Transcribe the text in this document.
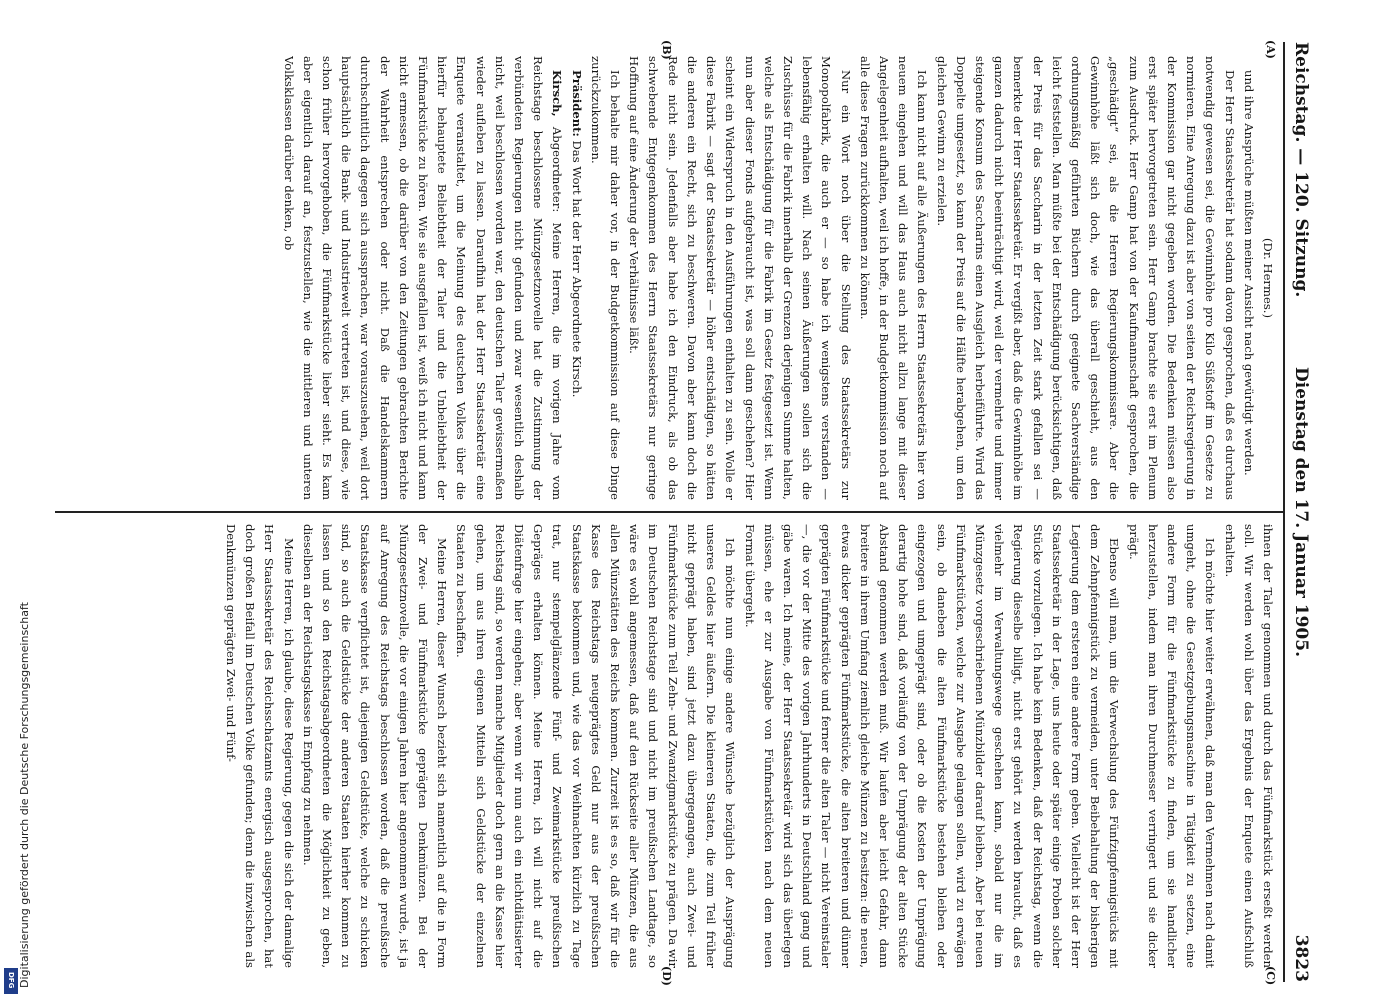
Reichstag. — 120. Sitzung.
Dienstag den 17. Januar 1905.
3823
(A)
(B)
(C)
(D)

(Dr. Hermes.)

und ihre Ansprüche müßten meiner Ansicht nach gewürdigt werden.

Der Herr Staatssekretär hat sodann davon gesprochen, daß es durchaus notwendig gewesen sei, die Gewinnhöhe pro Kilo Süßstoff im Gesetze zu normieren. Eine Anregung dazu ist aber von seiten der Reichsregierung in der Kommission gar nicht gegeben worden. Die Bedenken müssen also erst später hervorgetreten sein. Herr Gamp brachte sie erst im Plenum zum Ausdruck. Herr Gamp hat von der Kaufmannschaft gesprochen, die „geschädigt“ sei, als die Herren Regierungskommissare. Aber die Gewinnhöhe läßt sich doch, wie das überall geschieht, aus den ordnungsmäßig geführten Büchern durch geeignete Sachverständige leicht feststellen. Man müßte bei der Entschädigung berücksichtigen, daß der Preis für das Saccharin in der letzten Zeit stark gefallen sei — bemerkte der Herr Staatssekretär. Er vergißt aber, daß die Gewinnhöhe im ganzen dadurch nicht beeinträchtigt wird, weil der vermehrte und immer steigende Konsum des Saccharins einen Ausgleich herbeiführte. Wird das Doppelte umgesetzt, so kann der Preis auf die Hälfte herabgehen, um den gleichen Gewinn zu erzielen.

Ich kann nicht auf alle Äußerungen des Herrn Staatssekretärs hier von neuem eingehen und will das Haus auch nicht allzu lange mit dieser Angelegenheit aufhalten, weil ich hoffe, in der Budgetkommission noch auf alle diese Fragen zurückkommen zu können.

Nur ein Wort noch über die Stellung des Staatssekretärs zur Monopolfabrik, die auch er — so habe ich wenigstens verstanden — lebensfähig erhalten will. Nach seinen Äußerungen sollen sich die Zuschüsse für die Fabrik innerhalb der Grenzen derjenigen Summe halten, welche als Entschädigung für die Fabrik im Gesetz festgesetzt ist. Wenn nun aber dieser Fonds aufgebraucht ist, was soll dann geschehen? Hier scheint ein Widerspruch in den Ausführungen enthalten zu sein. Wolle er diese Fabrik — sagt der Staatssekretär — höher entschädigen, so hätten die anderen ein Recht, sich zu beschweren. Davon aber kann doch die Rede nicht sein. Jedenfalls aber habe ich den Eindruck, als ob das schwebende Entgegenkommen des Herrn Staatssekretärs nur geringe Hoffnung auf eine Änderung der Verhältnisse läßt.

Ich behalte mir daher vor, in der Budgetkommission auf diese Dinge zurückzukommen.

Präsident: Das Wort hat der Herr Abgeordnete Kirsch.

Kirsch, Abgeordneter: Meine Herren, die im vorigen Jahre vom Reichstage beschlossene Münzgesetznovelle hat die Zustimmung der verbündeten Regierungen nicht gefunden und zwar wesentlich deshalb nicht, weil beschlossen worden war, den deutschen Taler gewissermaßen wieder aufleben zu lassen. Daraufhin hat der Herr Staatssekretär eine Enquete veranstaltet, um die Meinung des deutschen Volkes über die hierfür behauptete Beliebtheit der Taler und die Unbeliebtheit der Fünfmarkstücke zu hören. Wie sie ausgefallen ist, weiß ich nicht und kann nicht ermessen, ob die darüber von den Zeitungen gebrachten Berichte der Wahrheit entsprechen oder nicht. Daß die Handelskammern durchschnittlich dagegen sich aussprachen, war vorauszusehen, weil dort hauptsächlich die Bank- und Industriewelt vertreten ist, und diese, wie schon früher hervorgehoben, die Fünfmarkstücke lieber sieht. Es kam aber eigentlich darauf an, festzustellen, wie die mittleren und unteren Volksklassen darüber denken, ob

ihnen der Taler genommen und durch das Fünfmarkstück erseßt werden soll. Wir werden wohl über das Ergebnis der Enquete einen Aufschluß erhalten.

Ich möchte hier weiter erwähnen, daß man den Vermehmen nach damit umgeht, ohne die Gesetzgebungsmaschine in Tätigkeit zu setzen, eine andere Form für die Fünfmarkstücke zu finden, um sie handlicher herzustellen, indem man ihren Durchmesser verringert und sie dicker prägt.

Ebenso will man, um die Verwechslung des Fünfzigpfennigstücks mit dem Zehnpfennigstück zu vermeiden, unter Beibehaltung der bisherigen Legierung dem ersteren eine andere Form geben. Vielleicht ist der Herr Staatssekretär in der Lage, uns heute oder später einige Proben solcher Stücke vorzulegen. Ich habe kein Bedenken, daß der Reichstag, wenn die Regierung dieselbe billigt, nicht erst gehört zu werden braucht, daß es vielmehr im Verwaltungswege geschehen kann, sobald nur die im Münzgesetz vorgeschriebenen Münzbilder darauf bleiben. Aber bei neuen Fünfmarkstücken, welche zur Ausgabe gelangen sollen, wird zu erwägen sein, ob daneben die alten Fünfmarkstücke bestehen bleiben oder eingezogen und umgeprägt sind, oder ob die Kosten der Umprägung derartig hohe sind, daß vorläufig von der Umprägung der alten Stücke Abstand genommen werden muß. Wir laufen aber leicht Gefahr, dann breitere in ihrem Umfang ziemlich gleiche Münzen zu besitzen: die neuen, etwas dicker geprägten Fünfmarkstücke, die alten breiteren und dünner geprägten Fünfmarkstücke und ferner die alten Taler — nicht Vereinstaler —, die vor der Mitte des vorigen Jahrhunderts in Deutschland gang und gäbe waren. Ich meine, der Herr Staatssekretär wird sich das überlegen müssen, ehe er zur Ausgabe von Fünfmarkstücken nach dem neuen Format übergeht.

Ich möchte nun einige andere Wünsche bezüglich der Ausprägung unseres Geldes hier äußern. Die kleineren Staaten, die zum Teil früher nicht geprägt haben, sind jetzt dazu übergegangen, auch Zwei- und Fünfmarkstücke zum Teil Zehn- und Zwanzigmarkstücke zu prägen. Da wir im Deutschen Reichstage sind und nicht im preußischen Landtage, so wäre es wohl angemessen, daß auf den Rückseite aller Münzen, die aus allen Münzstätten des Reichs kommen. Zurzeit ist es so, daß wir für die Kasse des Reichstags neugeprägtes Geld nur aus der preußischen Staatskasse bekommen und, wie das vor Weihnachten kürzlich zu Tage trat, nur stempelglänzende Fünf- und Zweimarkstücke preußischen Gepräges erhalten können. Meine Herren, ich will nicht auf die Diätenfrage hier eingehen; aber wenn wir nun auch ein nichtdiätisierter Reichstag sind, so werden manche Mitglieder doch gern an die Kasse hier gehen, um aus ihren eigenen Mitteln sich Geldstücke der einzelnen Staaten zu beschaffen.

Meine Herren, dieser Wunsch bezieht sich namentlich auf die in Form der Zwei- und Fünfmarkstücke geprägten Denkmünzen. Bei der Münzgesetznovelle, die vor einigen Jahren hier angenommen wurde, ist ja auf Anregung des Reichstags beschlossen worden, daß die preußische Staatskasse verpflichtet ist, diejenigen Geldstücke, welche zu schicken sind, so auch die Geldstücke der anderen Staaten hierher kommen zu lassen und so den Reichstagsabgeordneten die Möglichkeit zu geben, dieselben an der Reichstagskasse in Empfang zu nehmen.

Meine Herren, ich glaube, diese Regierung, gegen die sich der damalige Herr Staatssekretär des Reichsschatzamts energisch ausgesprochen, hat doch großen Beifall im Deutschen Volke gefunden; denn die inzwischen als Denkmünzen geprägten Zwei- und Fünf-

Digitalisierung gefördert durch die Deutsche Forschungsgemeinschaft
DFG
